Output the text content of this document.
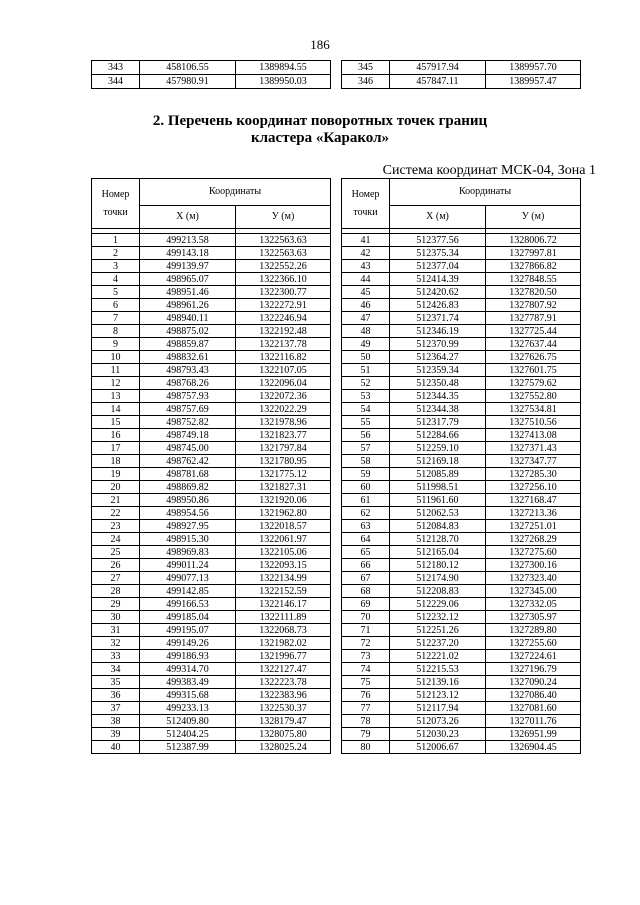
186
343	458106.55	1389894.55
344	457980.91	1389950.03
345	457917.94	1389957.70
346	457847.11	1389957.47
2. Перечень координат поворотных точек границ
кластера «Каракол»
Система координат МСК-04, Зона 1
Номер
точки	Координаты	
	X (м)	У (м)

1	499213.58	1322563.63
2	499143.18	1322563.63
3	499139.97	1322552.26
4	498965.07	1322366.10
5	498951.46	1322300.77
6	498961.26	1322272.91
7	498940.11	1322246.94
8	498875.02	1322192.48
9	498859.87	1322137.78
10	498832.61	1322116.82
11	498793.43	1322107.05
12	498768.26	1322096.04
13	498757.93	1322072.36
14	498757.69	1322022.29
15	498752.82	1321978.96
16	498749.18	1321823.77
17	498745.00	1321797.84
18	498762.42	1321780.95
19	498781.68	1321775.12
20	498869.82	1321827.31
21	498950.86	1321920.06
22	498954.56	1321962.80
23	498927.95	1322018.57
24	498915.30	1322061.97
25	498969.83	1322105.06
26	499011.24	1322093.15
27	499077.13	1322134.99
28	499142.85	1322152.59
29	499166.53	1322146.17
30	499185.04	1322111.89
31	499195.07	1322068.73
32	499149.26	1321982.02
33	499186.93	1321996.77
34	499314.70	1322127.47
35	499383.49	1322223.78
36	499315.68	1322383.96
37	499233.13	1322530.37
38	512409.80	1328179.47
39	512404.25	1328075.80
40	512387.99	1328025.24
Номер
точки	Координаты	
	X (м)	У (м)

41	512377.56	1328006.72
42	512375.34	1327997.81
43	512377.04	1327866.82
44	512414.39	1327848.55
45	512420.62	1327820.50
46	512426.83	1327807.92
47	512371.74	1327787.91
48	512346.19	1327725.44
49	512370.99	1327637.44
50	512364.27	1327626.75
51	512359.34	1327601.75
52	512350.48	1327579.62
53	512344.35	1327552.80
54	512344.38	1327534.81
55	512317.79	1327510.56
56	512284.66	1327413.08
57	512259.10	1327371.43
58	512169.18	1327347.77
59	512085.89	1327285.30
60	511998.51	1327256.10
61	511961.60	1327168.47
62	512062.53	1327213.36
63	512084.83	1327251.01
64	512128.70	1327268.29
65	512165.04	1327275.60
66	512180.12	1327300.16
67	512174.90	1327323.40
68	512208.83	1327345.00
69	512229.06	1327332.05
70	512232.12	1327305.97
71	512251.26	1327289.80
72	512237.20	1327255.60
73	512221.02	1327224.61
74	512215.53	1327196.79
75	512139.16	1327090.24
76	512123.12	1327086.40
77	512117.94	1327081.60
78	512073.26	1327011.76
79	512030.23	1326951.99
80	512006.67	1326904.45
